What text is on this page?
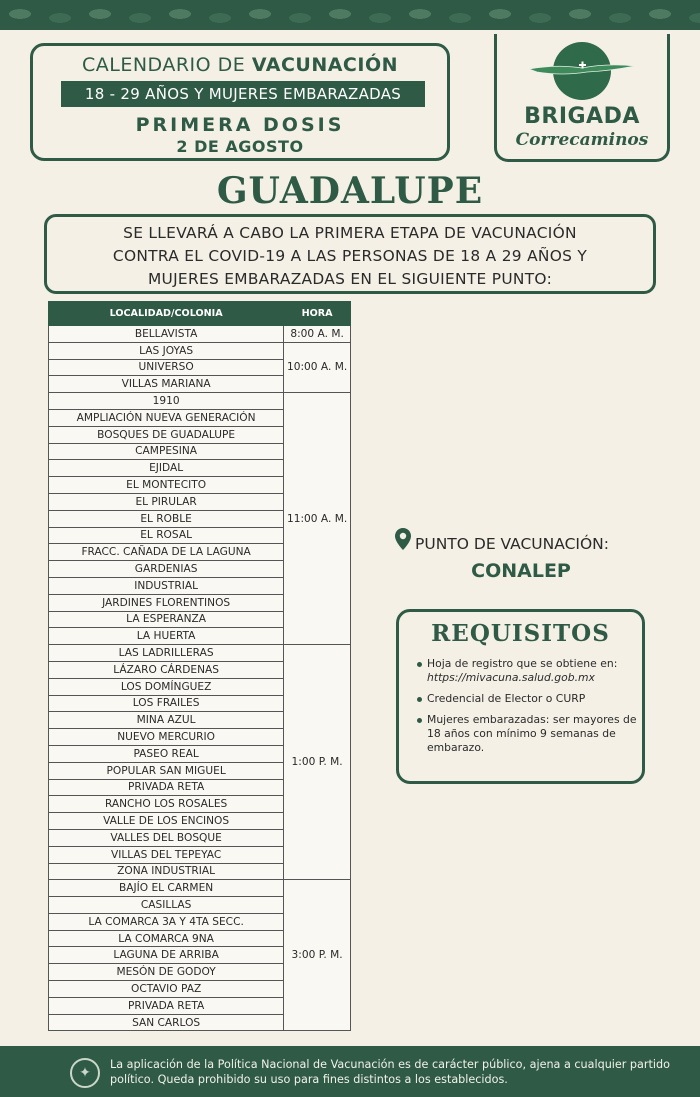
CALENDARIO DE VACUNACIÓN
18 - 29 AÑOS Y MUJERES EMBARAZADAS
PRIMERA DOSIS
2 DE AGOSTO
BRIGADA
Correcaminos
GUADALUPE
SE LLEVARÁ A CABO LA PRIMERA ETAPA DE VACUNACIÓN
CONTRA EL COVID-19 A LAS PERSONAS DE 18 A 29 AÑOS Y
MUJERES EMBARAZADAS EN EL SIGUIENTE PUNTO:
LOCALIDAD/COLONIA	HORA
BELLAVISTA	8:00 A. M.
LAS JOYAS	10:00 A. M.
UNIVERSO	
VILLAS MARIANA	
1910	11:00 A. M.
AMPLIACIÓN NUEVA GENERACIÓN	
BOSQUES DE GUADALUPE	
CAMPESINA	
EJIDAL	
EL MONTECITO	
EL PIRULAR	
EL ROBLE	
EL ROSAL	
FRACC. CAÑADA DE LA LAGUNA	
GARDENIAS	
INDUSTRIAL	
JARDINES FLORENTINOS	
LA ESPERANZA	
LA HUERTA	
LAS LADRILLERAS	1:00 P. M.
LÁZARO CÁRDENAS	
LOS DOMÍNGUEZ	
LOS FRAILES	
MINA AZUL	
NUEVO MERCURIO	
PASEO REAL	
POPULAR SAN MIGUEL	
PRIVADA RETA	
RANCHO LOS ROSALES	
VALLE DE LOS ENCINOS	
VALLES DEL BOSQUE	
VILLAS DEL TEPEYAC	
ZONA INDUSTRIAL	
BAJÍO EL CARMEN	3:00 P. M.
CASILLAS	
LA COMARCA 3A Y 4TA SECC.	
LA COMARCA 9NA	
LAGUNA DE ARRIBA	
MESÓN DE GODOY	
OCTAVIO PAZ	
PRIVADA RETA	
SAN CARLOS	
PUNTO DE VACUNACIÓN:
CONALEP
REQUISITOS
Hoja de registro que se obtiene en: https://mivacuna.salud.gob.mx
Credencial de Elector o CURP
Mujeres embarazadas: ser mayores de 18 años con mínimo 9 semanas de embarazo.
✦
La aplicación de la Política Nacional de Vacunación es de carácter público, ajena a cualquier partido político. Queda prohibido su uso para fines distintos a los establecidos.
